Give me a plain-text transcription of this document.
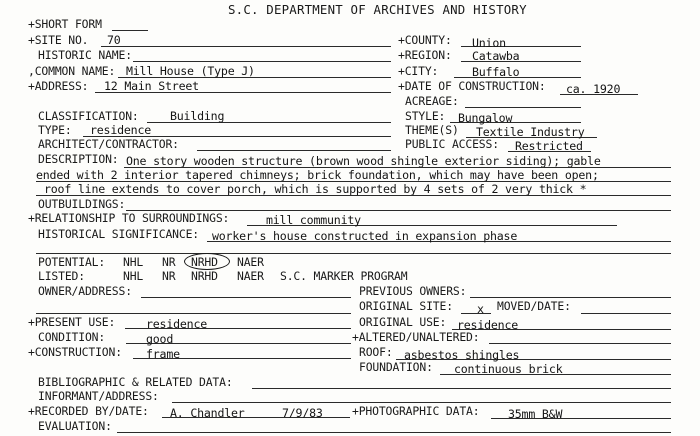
S.C. DEPARTMENT OF ARCHIVES AND HISTORY
+SHORT FORM
+SITE NO. 70	+COUNTY: Union
HISTORIC NAME:	+REGION: Catawba
,COMMON NAME: Mill House (Type J)	+CITY:	Buffalo
+ADDRESS: 12 Main Street	+DATE OF CONSTRUCTION: ca. 1920
ACREAGE:
CLASSIFICATION:	Building	STYLE: Bungalow
TYPE: residence	THEME(S) Textile Industry
ARCHITECT/CONTRACTOR:	PUBLIC ACCESS: Restricted
DESCRIPTION: One story wooden structure (brown wood shingle exterior siding); gable
ended with 2 interior tapered chimneys; brick foundation, which may have been open;
roof line extends to cover porch, which is supported by 4 sets of 2 very thick *
OUTBUILDINGS:
+RELATIONSHIP TO SURROUNDINGS:	mill community
HISTORICAL SIGNIFICANCE: worker's house constructed in expansion phase
POTENTIAL: NHL NR NRHD NAER
LISTED:	NHL NR NRHD NAER S.C. MARKER PROGRAM
OWNER/ADDRESS:	PREVIOUS OWNERS:
ORIGINAL SITE: x MOVED/DATE:
+PRESENT USE:	residence	ORIGINAL USE: residence
CONDITION:	good	+ALTERED/UNALTERED:
+CONSTRUCTION: frame	ROOF: asbestos shingles
FOUNDATION: continuous brick
BIBLIOGRAPHIC & RELATED DATA:
INFORMANT/ADDRESS:
+RECORDED BY/DATE: A. Chandler	7/9/83	+PHOTOGRAPHIC DATA: 35mm B&W
EVALUATION:
